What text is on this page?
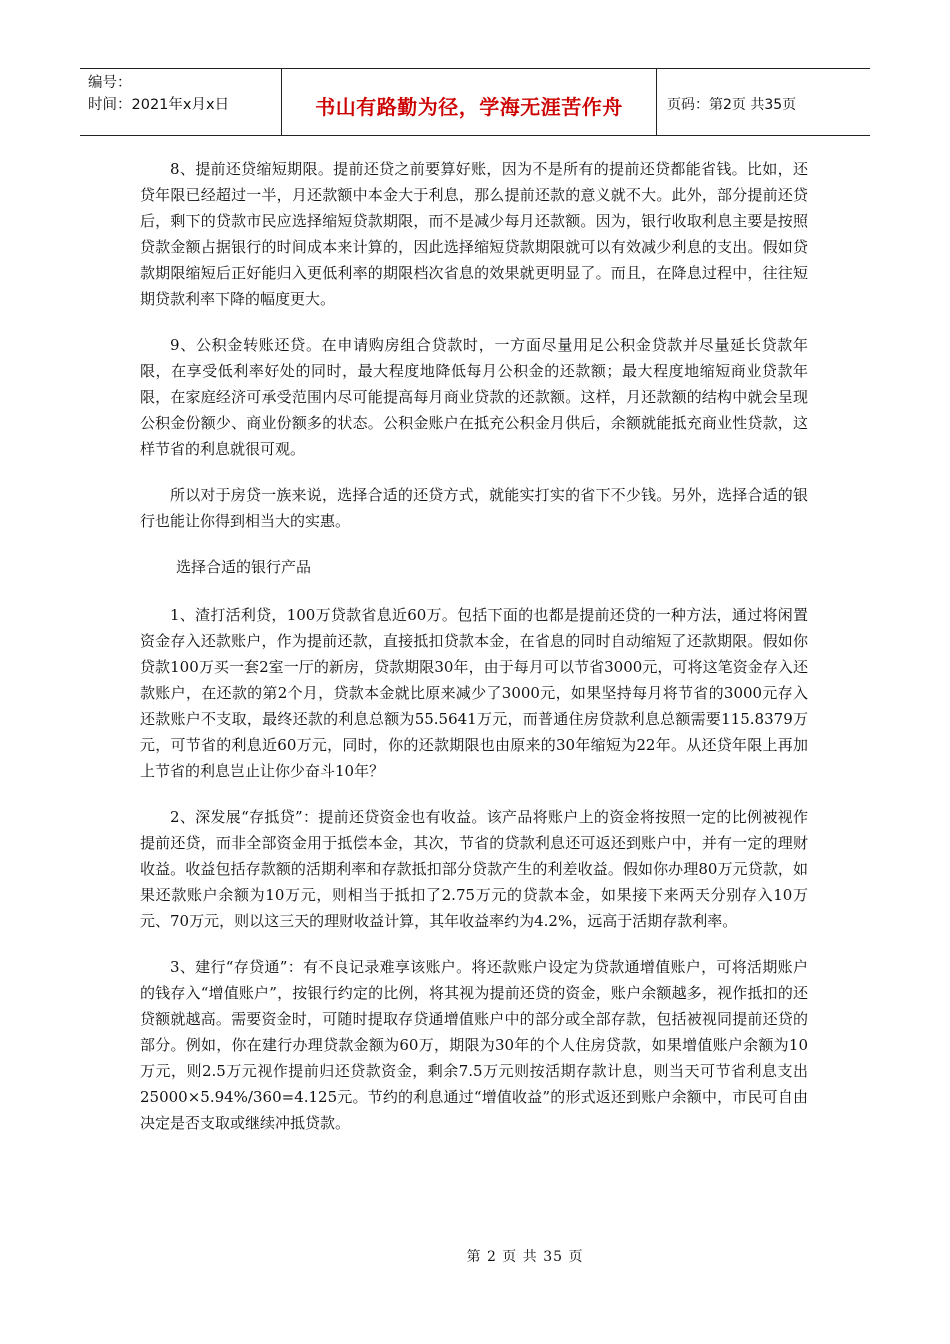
编号：
时间：2021年x月x日	书山有路勤为径，学海无涯苦作舟	页码：第2页 共35页

8、提前还贷缩短期限。提前还贷之前要算好账，因为不是所有的提前还贷都能省钱。比如，还贷年限已经超过一半，月还款额中本金大于利息，那么提前还款的意义就不大。此外，部分提前还贷后，剩下的贷款市民应选择缩短贷款期限，而不是减少每月还款额。因为，银行收取利息主要是按照贷款金额占据银行的时间成本来计算的，因此选择缩短贷款期限就可以有效减少利息的支出。假如贷款期限缩短后正好能归入更低利率的期限档次省息的效果就更明显了。而且，在降息过程中，往往短期贷款利率下降的幅度更大。

9、公积金转账还贷。在申请购房组合贷款时，一方面尽量用足公积金贷款并尽量延长贷款年限，在享受低利率好处的同时，最大程度地降低每月公积金的还款额；最大程度地缩短商业贷款年限，在家庭经济可承受范围内尽可能提高每月商业贷款的还款额。这样，月还款额的结构中就会呈现公积金份额少、商业份额多的状态。公积金账户在抵充公积金月供后，余额就能抵充商业性贷款，这样节省的利息就很可观。

所以对于房贷一族来说，选择合适的还贷方式，就能实打实的省下不少钱。另外，选择合适的银行也能让你得到相当大的实惠。

选择合适的银行产品

1、渣打活利贷，100万贷款省息近60万。包括下面的也都是提前还贷的一种方法，通过将闲置资金存入还款账户，作为提前还款，直接抵扣贷款本金，在省息的同时自动缩短了还款期限。假如你贷款100万买一套2室一厅的新房，贷款期限30年，由于每月可以节省3000元，可将这笔资金存入还款账户，在还款的第2个月，贷款本金就比原来减少了3000元，如果坚持每月将节省的3000元存入还款账户不支取，最终还款的利息总额为55.5641万元，而普通住房贷款利息总额需要115.8379万元，可节省的利息近60万元，同时，你的还款期限也由原来的30年缩短为22年。从还贷年限上再加上节省的利息岂止让你少奋斗10年？

2、深发展“存抵贷”：提前还贷资金也有收益。该产品将账户上的资金将按照一定的比例被视作提前还贷，而非全部资金用于抵偿本金，其次，节省的贷款利息还可返还到账户中，并有一定的理财收益。收益包括存款额的活期利率和存款抵扣部分贷款产生的利差收益。假如你办理80万元贷款，如果还款账户余额为10万元，则相当于抵扣了2.75万元的贷款本金，如果接下来两天分别存入10万元、70万元，则以这三天的理财收益计算，其年收益率约为4.2%，远高于活期存款利率。

3、建行“存贷通”：有不良记录难享该账户。将还款账户设定为贷款通增值账户，可将活期账户的钱存入“增值账户”，按银行约定的比例，将其视为提前还贷的资金，账户余额越多，视作抵扣的还贷额就越高。需要资金时，可随时提取存贷通增值账户中的部分或全部存款，包括被视同提前还贷的部分。例如，你在建行办理贷款金额为60万，期限为30年的个人住房贷款，如果增值账户余额为10万元，则2.5万元视作提前归还贷款资金，剩余7.5万元则按活期存款计息，则当天可节省利息支出25000×5.94%/360=4.125元。节约的利息通过“增值收益”的形式返还到账户余额中，市民可自由决定是否支取或继续冲抵贷款。

第 2 页 共 35 页
